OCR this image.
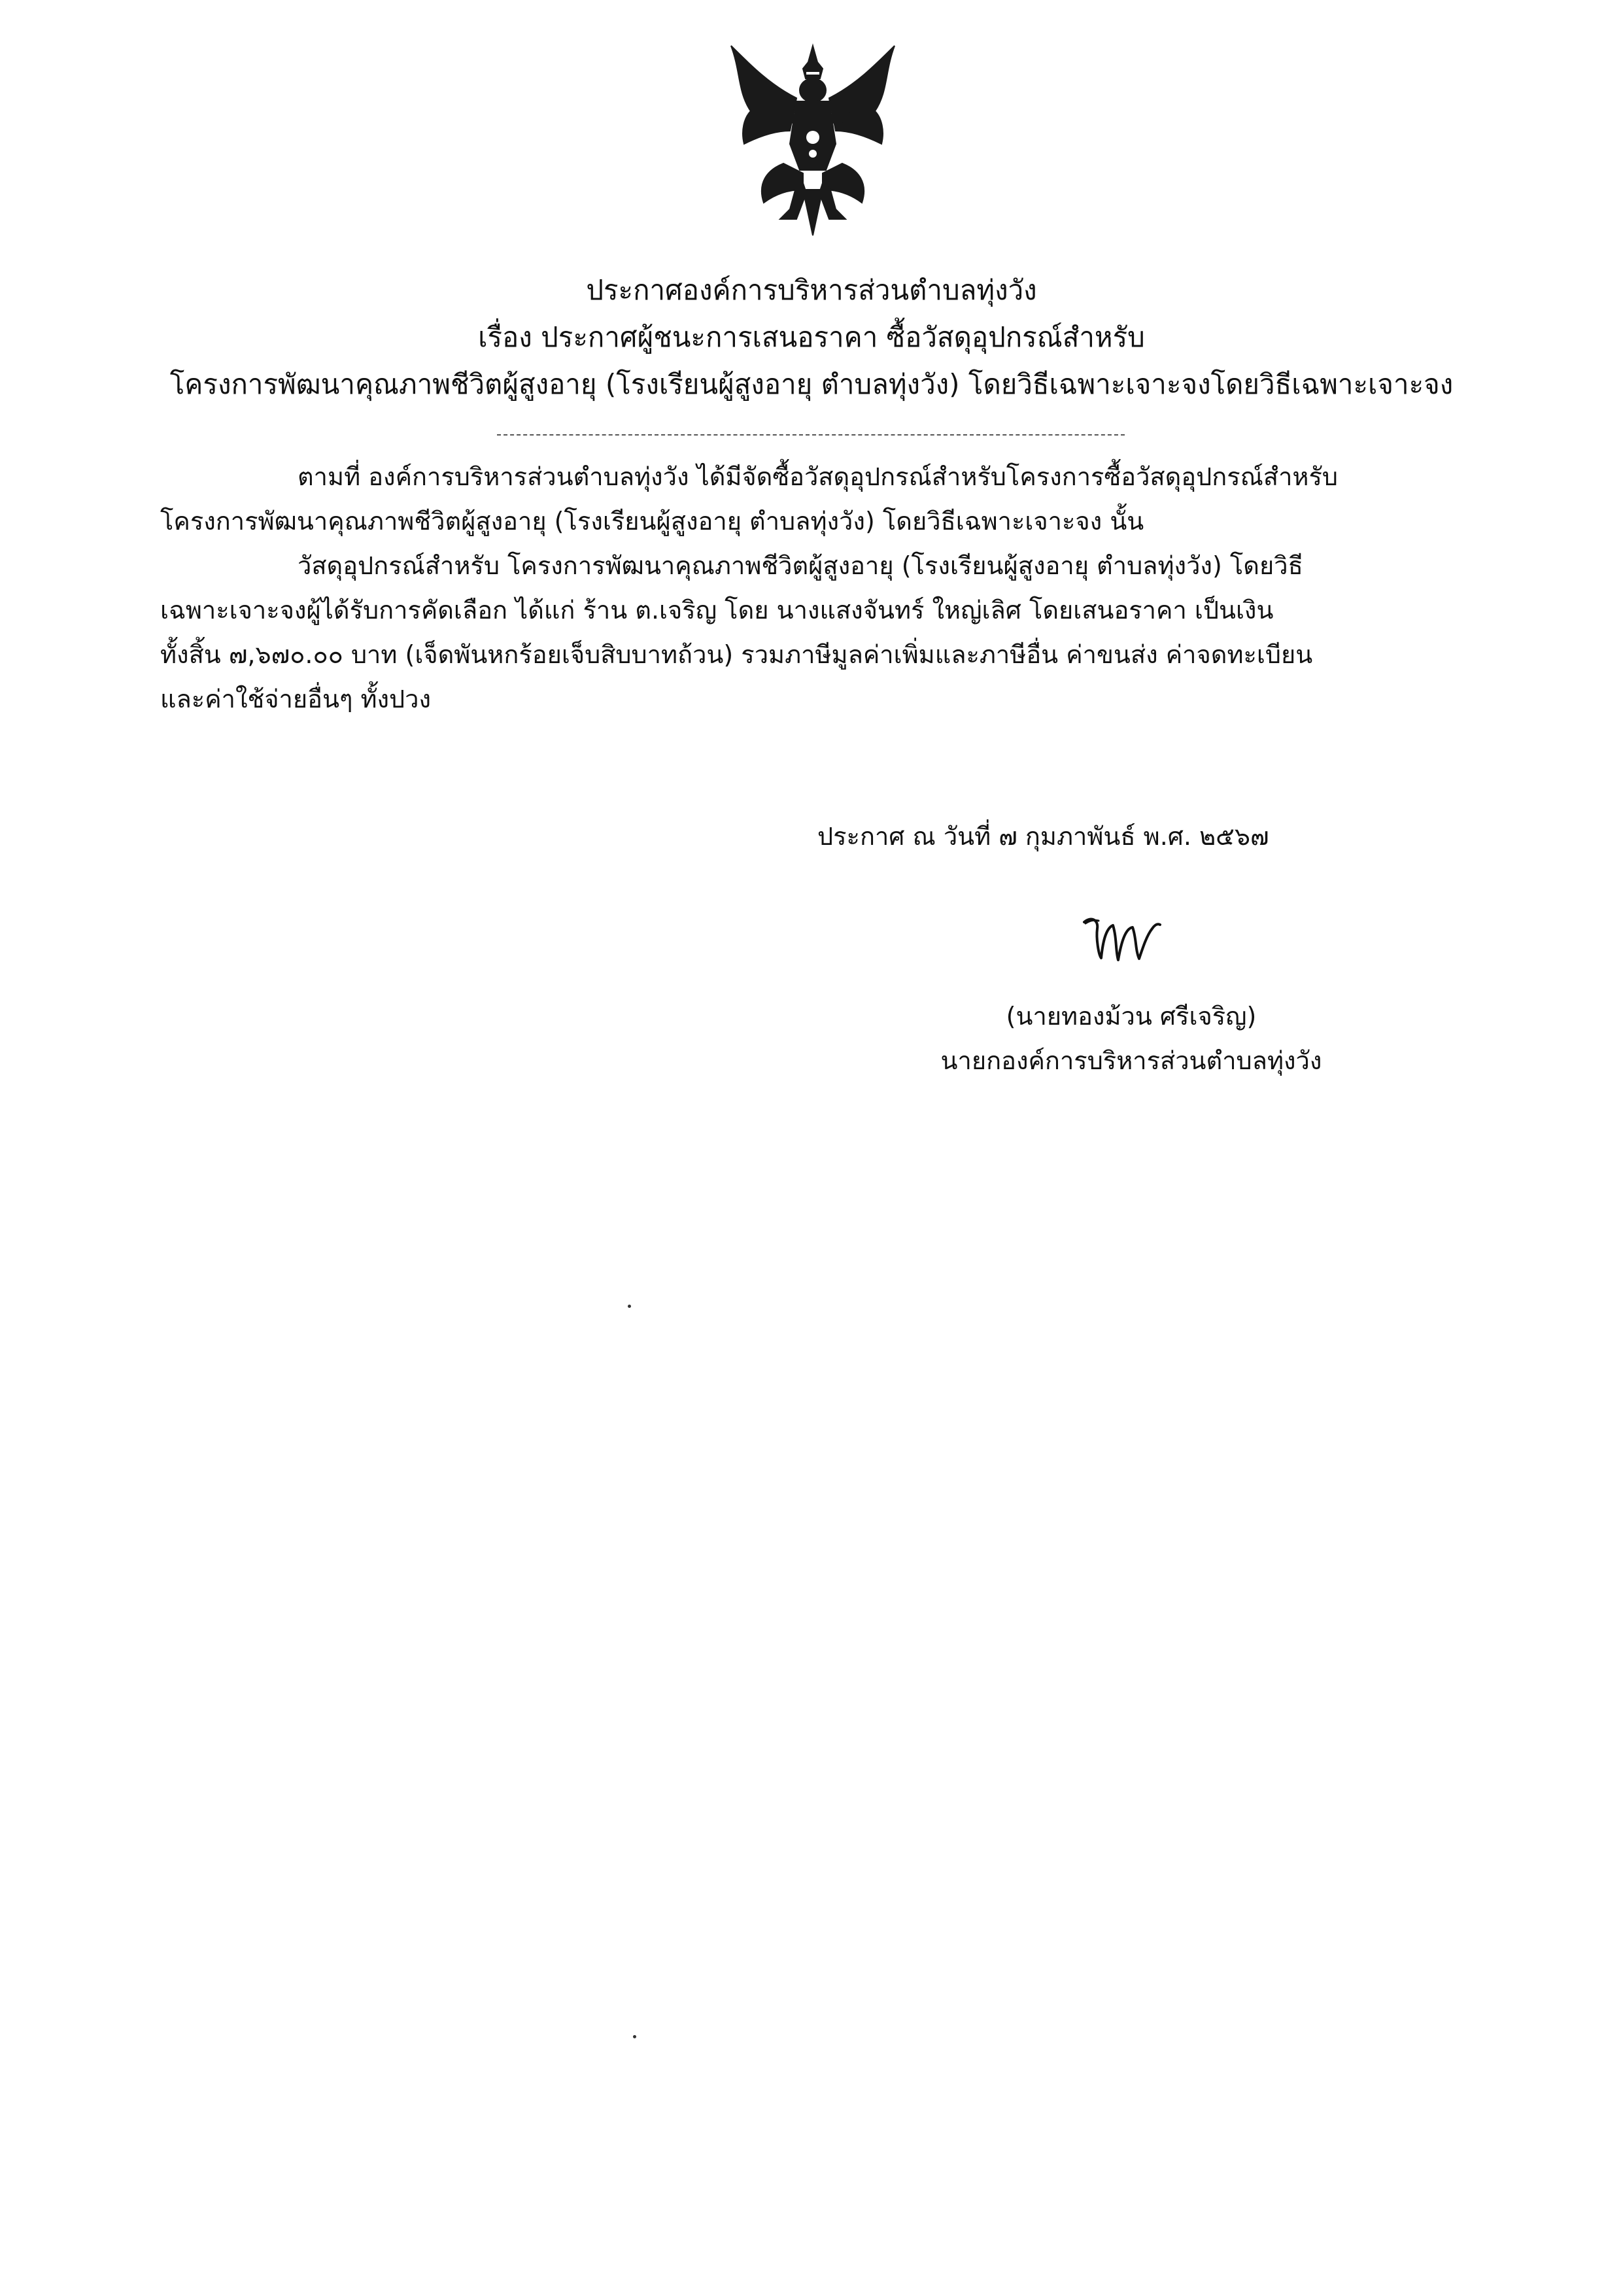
ประกาศองค์การบริหารส่วนตำบลทุ่งวัง
เรื่อง ประกาศผู้ชนะการเสนอราคา ซื้อวัสดุอุปกรณ์สำหรับ
โครงการพัฒนาคุณภาพชีวิตผู้สูงอายุ (โรงเรียนผู้สูงอายุ ตำบลทุ่งวัง) โดยวิธีเฉพาะเจาะจงโดยวิธีเฉพาะเจาะจง
ตามที่ องค์การบริหารส่วนตำบลทุ่งวัง ได้มีจัดซื้อวัสดุอุปกรณ์สำหรับโครงการซื้อวัสดุอุปกรณ์สำหรับ
โครงการพัฒนาคุณภาพชีวิตผู้สูงอายุ (โรงเรียนผู้สูงอายุ ตำบลทุ่งวัง) โดยวิธีเฉพาะเจาะจง นั้น
วัสดุอุปกรณ์สำหรับ โครงการพัฒนาคุณภาพชีวิตผู้สูงอายุ (โรงเรียนผู้สูงอายุ ตำบลทุ่งวัง) โดยวิธี
เฉพาะเจาะจงผู้ได้รับการคัดเลือก ได้แก่ ร้าน ต.เจริญ โดย นางแสงจันทร์ ใหญ่เลิศ โดยเสนอราคา เป็นเงิน
ทั้งสิ้น ๗,๖๗๐.๐๐ บาท (เจ็ดพันหกร้อยเจ็บสิบบาทถ้วน) รวมภาษีมูลค่าเพิ่มและภาษีอื่น ค่าขนส่ง ค่าจดทะเบียน
และค่าใช้จ่ายอื่นๆ ทั้งปวง
ประกาศ ณ วันที่ ๗ กุมภาพันธ์ พ.ศ. ๒๕๖๗
(นายทองม้วน ศรีเจริญ)
นายกองค์การบริหารส่วนตำบลทุ่งวัง
